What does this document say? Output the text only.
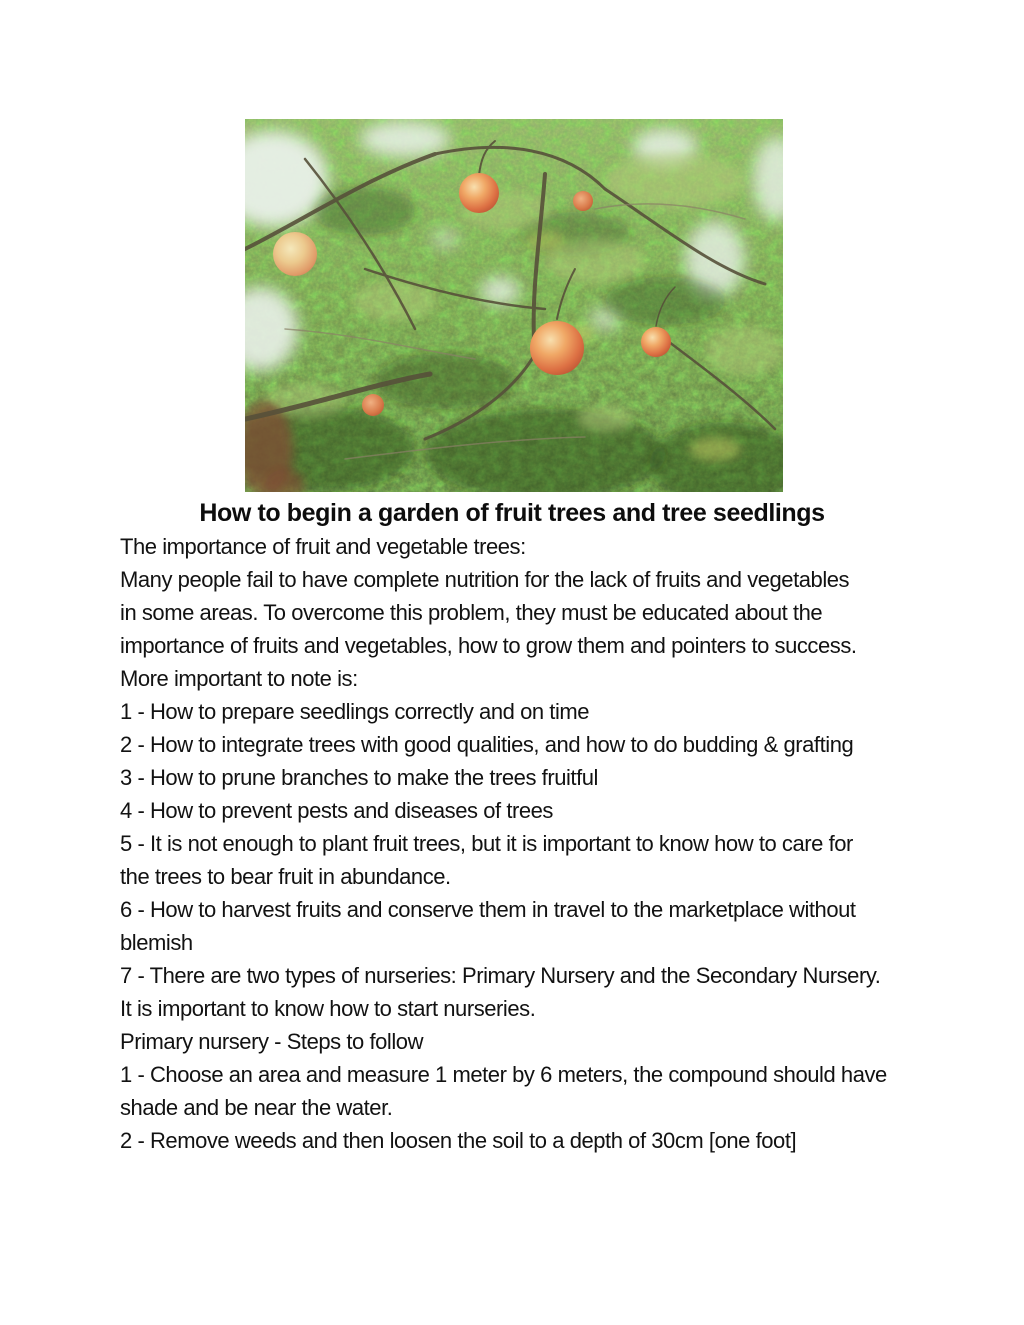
How to begin a garden of fruit trees and tree seedlings
The importance of fruit and vegetable trees:
Many people fail to have complete nutrition for the lack of fruits and vegetables
in some areas. To overcome this problem, they must be educated about the
importance of fruits and vegetables, how to grow them and pointers to success.
More important to note is:
1 - How to prepare seedlings correctly and on time
2 - How to integrate trees with good qualities, and how to do budding & grafting
3 - How to prune branches to make the trees fruitful
4 - How to prevent pests and diseases of trees
5 - It is not enough to plant fruit trees, but it is important to know how to care for
the trees to bear fruit in abundance.
6 - How to harvest fruits and conserve them in travel to the marketplace without
blemish
7 - There are two types of nurseries: Primary Nursery and the Secondary Nursery.
It is important to know how to start nurseries.
Primary nursery - Steps to follow
1 - Choose an area and measure 1 meter by 6 meters, the compound should have
shade and be near the water.
2 - Remove weeds and then loosen the soil to a depth of 30cm [one foot]
